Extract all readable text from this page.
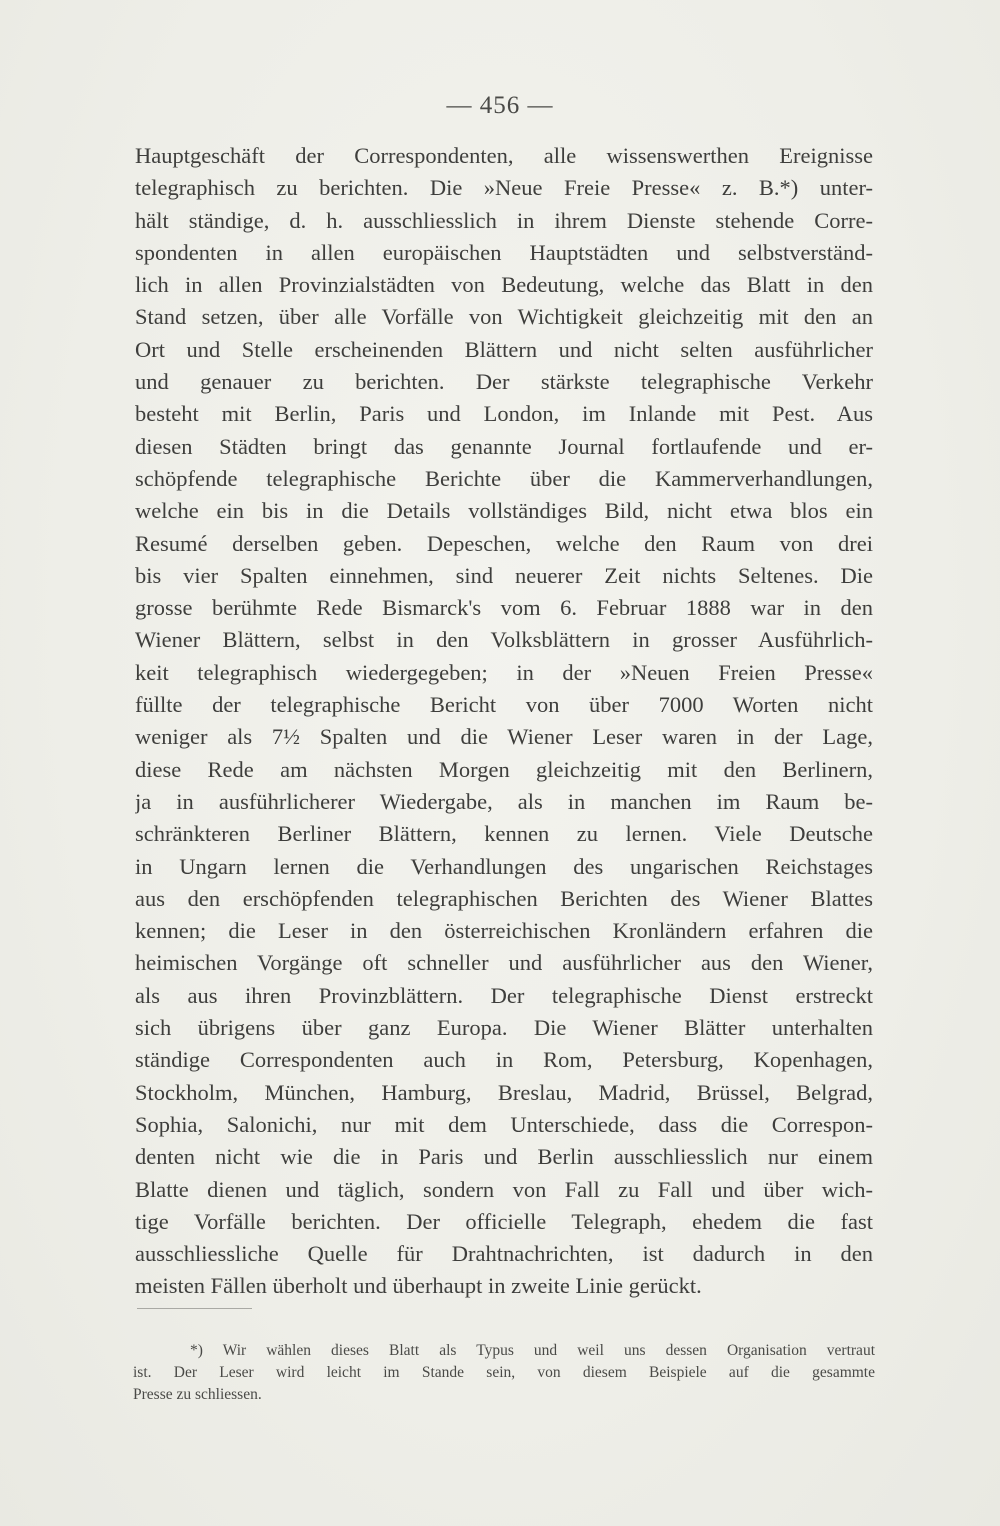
— 456 —
Hauptgeschäft der Correspondenten, alle wissenswerthen Ereignisse
telegraphisch zu berichten. Die »Neue Freie Presse« z. B.*) unter-
hält ständige, d. h. ausschliesslich in ihrem Dienste stehende Corre-
spondenten in allen europäischen Hauptstädten und selbstverständ-
lich in allen Provinzialstädten von Bedeutung, welche das Blatt in den
Stand setzen, über alle Vorfälle von Wichtigkeit gleichzeitig mit den an
Ort und Stelle erscheinenden Blättern und nicht selten ausführlicher
und genauer zu berichten. Der stärkste telegraphische Verkehr
besteht mit Berlin, Paris und London, im Inlande mit Pest. Aus
diesen Städten bringt das genannte Journal fortlaufende und er-
schöpfende telegraphische Berichte über die Kammerverhandlungen,
welche ein bis in die Details vollständiges Bild, nicht etwa blos ein
Resumé derselben geben. Depeschen, welche den Raum von drei
bis vier Spalten einnehmen, sind neuerer Zeit nichts Seltenes. Die
grosse berühmte Rede Bismarck's vom 6. Februar 1888 war in den
Wiener Blättern, selbst in den Volksblättern in grosser Ausführlich-
keit telegraphisch wiedergegeben; in der »Neuen Freien Presse«
füllte der telegraphische Bericht von über 7000 Worten nicht
weniger als 7½ Spalten und die Wiener Leser waren in der Lage,
diese Rede am nächsten Morgen gleichzeitig mit den Berlinern,
ja in ausführlicherer Wiedergabe, als in manchen im Raum be-
schränkteren Berliner Blättern, kennen zu lernen. Viele Deutsche
in Ungarn lernen die Verhandlungen des ungarischen Reichstages
aus den erschöpfenden telegraphischen Berichten des Wiener Blattes
kennen; die Leser in den österreichischen Kronländern erfahren die
heimischen Vorgänge oft schneller und ausführlicher aus den Wiener,
als aus ihren Provinzblättern. Der telegraphische Dienst erstreckt
sich übrigens über ganz Europa. Die Wiener Blätter unterhalten
ständige Correspondenten auch in Rom, Petersburg, Kopenhagen,
Stockholm, München, Hamburg, Breslau, Madrid, Brüssel, Belgrad,
Sophia, Salonichi, nur mit dem Unterschiede, dass die Correspon-
denten nicht wie die in Paris und Berlin ausschliesslich nur einem
Blatte dienen und täglich, sondern von Fall zu Fall und über wich-
tige Vorfälle berichten. Der officielle Telegraph, ehedem die fast
ausschliessliche Quelle für Drahtnachrichten, ist dadurch in den
meisten Fällen überholt und überhaupt in zweite Linie gerückt.
*) Wir wählen dieses Blatt als Typus und weil uns dessen Organisation vertraut
ist. Der Leser wird leicht im Stande sein, von diesem Beispiele auf die gesammte
Presse zu schliessen.
